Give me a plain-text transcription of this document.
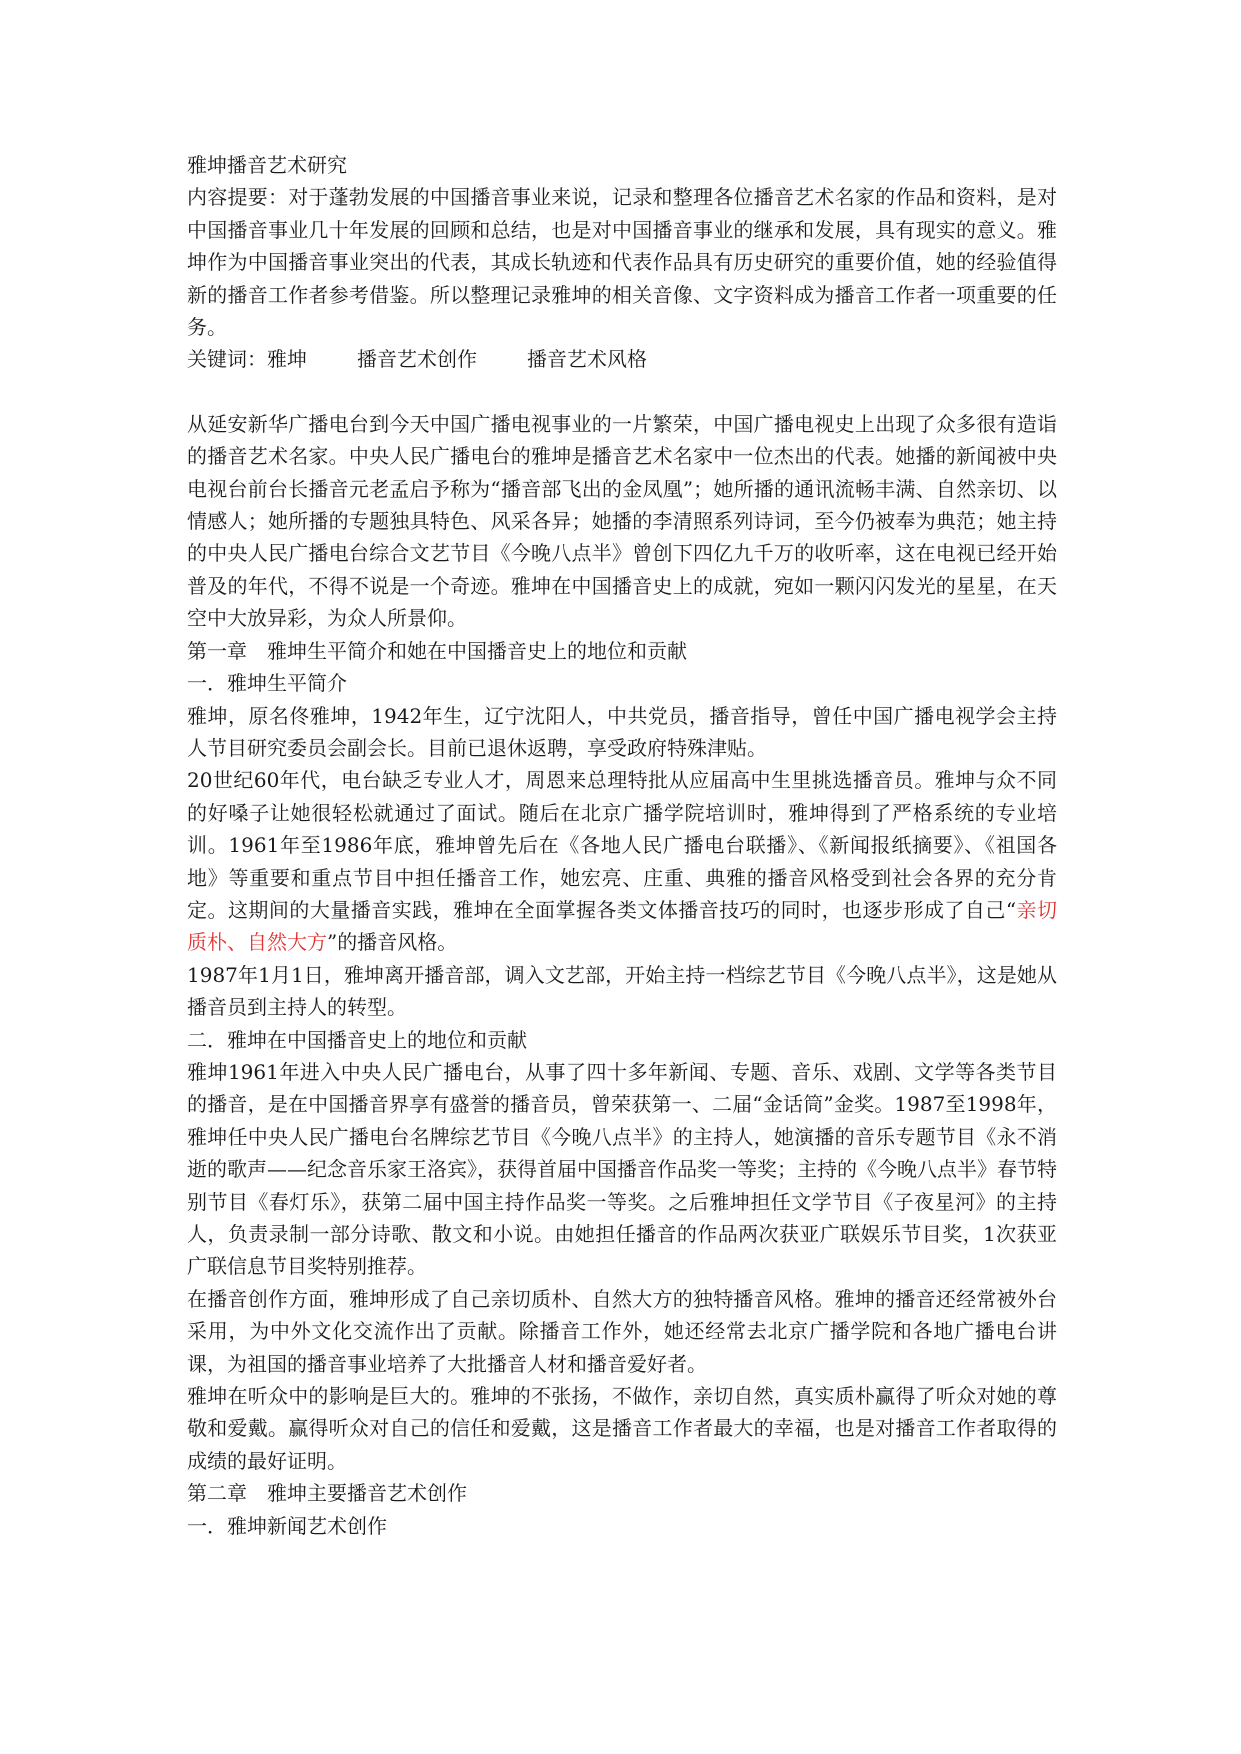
雅坤播音艺术研究

内容提要：对于蓬勃发展的中国播音事业来说，记录和整理各位播音艺术名家的作品和资料，是对中国播音事业几十年发展的回顾和总结，也是对中国播音事业的继承和发展，具有现实的意义。雅坤作为中国播音事业突出的代表，其成长轨迹和代表作品具有历史研究的重要价值，她的经验值得新的播音工作者参考借鉴。所以整理记录雅坤的相关音像、文字资料成为播音工作者一项重要的任务。

关键词：雅坤	播音艺术创作	播音艺术风格

从延安新华广播电台到今天中国广播电视事业的一片繁荣，中国广播电视史上出现了众多很有造诣的播音艺术名家。中央人民广播电台的雅坤是播音艺术名家中一位杰出的代表。她播的新闻被中央电视台前台长播音元老孟启予称为“播音部飞出的金凤凰”；她所播的通讯流畅丰满、自然亲切、以情感人；她所播的专题独具特色、风采各异；她播的李清照系列诗词，至今仍被奉为典范；她主持的中央人民广播电台综合文艺节目《今晚八点半》曾创下四亿九千万的收听率，这在电视已经开始普及的年代，不得不说是一个奇迹。雅坤在中国播音史上的成就，宛如一颗闪闪发光的星星，在天空中大放异彩，为众人所景仰。

第一章　雅坤生平简介和她在中国播音史上的地位和贡献

一．雅坤生平简介

雅坤，原名佟雅坤，1942年生，辽宁沈阳人，中共党员，播音指导，曾任中国广播电视学会主持人节目研究委员会副会长。目前已退休返聘，享受政府特殊津贴。

20世纪60年代，电台缺乏专业人才，周恩来总理特批从应届高中生里挑选播音员。雅坤与众不同的好嗓子让她很轻松就通过了面试。随后在北京广播学院培训时，雅坤得到了严格系统的专业培训。1961年至1986年底，雅坤曾先后在《各地人民广播电台联播》、《新闻报纸摘要》、《祖国各地》等重要和重点节目中担任播音工作，她宏亮、庄重、典雅的播音风格受到社会各界的充分肯定。这期间的大量播音实践，雅坤在全面掌握各类文体播音技巧的同时，也逐步形成了自己“亲切质朴、自然大方”的播音风格。

1987年1月1日，雅坤离开播音部，调入文艺部，开始主持一档综艺节目《今晚八点半》，这是她从播音员到主持人的转型。

二．雅坤在中国播音史上的地位和贡献

雅坤1961年进入中央人民广播电台，从事了四十多年新闻、专题、音乐、戏剧、文学等各类节目的播音，是在中国播音界享有盛誉的播音员，曾荣获第一、二届“金话筒”金奖。1987至1998年，雅坤任中央人民广播电台名牌综艺节目《今晚八点半》的主持人，她演播的音乐专题节目《永不消逝的歌声——纪念音乐家王洛宾》，获得首届中国播音作品奖一等奖；主持的《今晚八点半》春节特别节目《春灯乐》，获第二届中国主持作品奖一等奖。之后雅坤担任文学节目《子夜星河》的主持人，负责录制一部分诗歌、散文和小说。由她担任播音的作品两次获亚广联娱乐节目奖，1次获亚广联信息节目奖特别推荐。

在播音创作方面，雅坤形成了自己亲切质朴、自然大方的独特播音风格。雅坤的播音还经常被外台采用，为中外文化交流作出了贡献。除播音工作外，她还经常去北京广播学院和各地广播电台讲课，为祖国的播音事业培养了大批播音人材和播音爱好者。

雅坤在听众中的影响是巨大的。雅坤的不张扬，不做作，亲切自然，真实质朴赢得了听众对她的尊敬和爱戴。赢得听众对自己的信任和爱戴，这是播音工作者最大的幸福，也是对播音工作者取得的成绩的最好证明。

第二章　雅坤主要播音艺术创作

一．雅坤新闻艺术创作
